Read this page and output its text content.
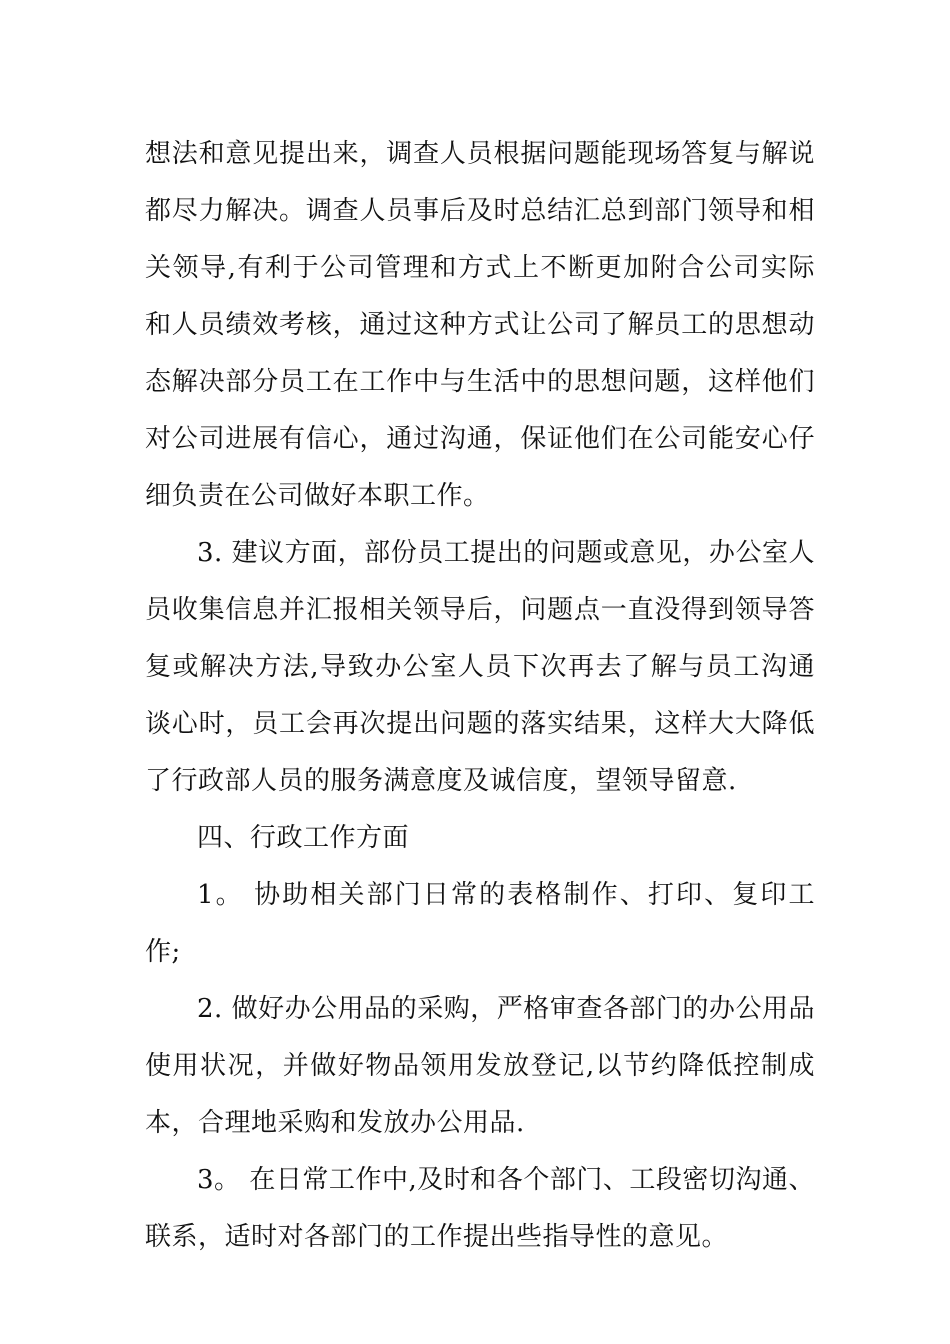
想法和意见提出来，调查人员根据问题能现场答复与解说都尽力解决。调查人员事后及时总结汇总到部门领导和相关领导,有利于公司管理和方式上不断更加附合公司实际和人员绩效考核，通过这种方式让公司了解员工的思想动态解决部分员工在工作中与生活中的思想问题，这样他们对公司进展有信心，通过沟通，保证他们在公司能安心仔细负责在公司做好本职工作。

3. 建议方面，部份员工提出的问题或意见，办公室人员收集信息并汇报相关领导后，问题点一直没得到领导答复或解决方法,导致办公室人员下次再去了解与员工沟通谈心时，员工会再次提出问题的落实结果，这样大大降低了行政部人员的服务满意度及诚信度，望领导留意.

四、行政工作方面

1。 协助相关部门日常的表格制作、打印、复印工作;

2. 做好办公用品的采购，严格审查各部门的办公用品使用状况，并做好物品领用发放登记,以节约降低控制成本，合理地采购和发放办公用品.

3。 在日常工作中,及时和各个部门、工段密切沟通、联系，适时对各部门的工作提出些指导性的意见。
